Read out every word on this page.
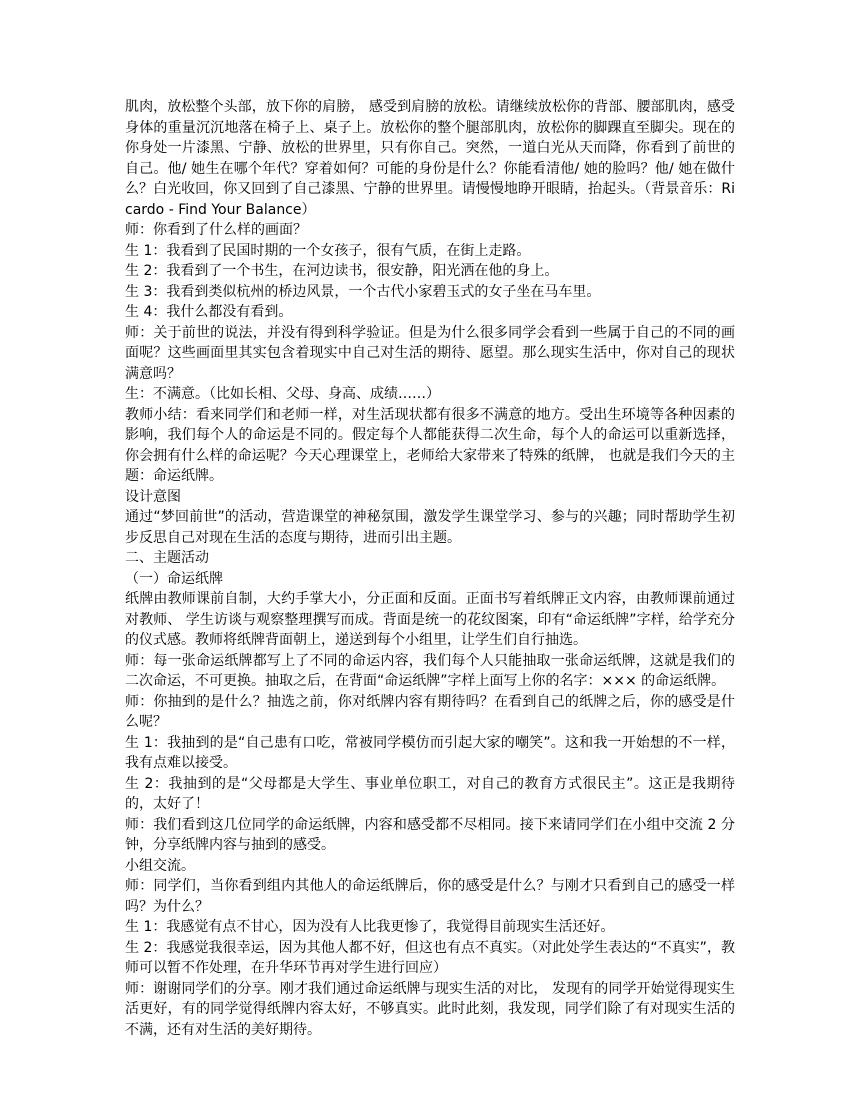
肌肉，放松整个头部，放下你的肩膀， 感受到肩膀的放松。请继续放松你的背部、腰部肌肉，感受身体的重量沉沉地落在椅子上、桌子上。放松你的整个腿部肌肉，放松你的脚踝直至脚尖。现在的你身处一片漆黑、宁静、放松的世界里，只有你自己。突然，一道白光从天而降，你看到了前世的自己。他/ 她生在哪个年代？穿着如何？可能的身份是什么？你能看清他/ 她的脸吗？他/ 她在做什么？白光收回，你又回到了自己漆黑、宁静的世界里。请慢慢地睁开眼睛，抬起头。（背景音乐：Ricardo - Find Your Balance）

师：你看到了什么样的画面？

生 1：我看到了民国时期的一个女孩子，很有气质，在街上走路。

生 2：我看到了一个书生，在河边读书，很安静，阳光洒在他的身上。

生 3：我看到类似杭州的桥边风景，一个古代小家碧玉式的女子坐在马车里。

生 4：我什么都没有看到。

师：关于前世的说法，并没有得到科学验证。但是为什么很多同学会看到一些属于自己的不同的画面呢？这些画面里其实包含着现实中自己对生活的期待、愿望。那么现实生活中，你对自己的现状满意吗？

生：不满意。（比如长相、父母、身高、成绩……）

教师小结：看来同学们和老师一样，对生活现状都有很多不满意的地方。受出生环境等各种因素的影响，我们每个人的命运是不同的。假定每个人都能获得二次生命，每个人的命运可以重新选择，你会拥有什么样的命运呢？今天心理课堂上，老师给大家带来了特殊的纸牌， 也就是我们今天的主题：命运纸牌。

设计意图

通过“梦回前世”的活动，营造课堂的神秘氛围，激发学生课堂学习、参与的兴趣；同时帮助学生初步反思自己对现在生活的态度与期待，进而引出主题。

二、主题活动

（一）命运纸牌

纸牌由教师课前自制，大约手掌大小，分正面和反面。正面书写着纸牌正文内容，由教师课前通过对教师、 学生访谈与观察整理撰写而成。背面是统一的花纹图案，印有“命运纸牌”字样，给学充分的仪式感。教师将纸牌背面朝上，递送到每个小组里，让学生们自行抽选。

师：每一张命运纸牌都写上了不同的命运内容，我们每个人只能抽取一张命运纸牌，这就是我们的二次命运，不可更换。抽取之后，在背面“命运纸牌”字样上面写上你的名字：××× 的命运纸牌。

师：你抽到的是什么？抽选之前，你对纸牌内容有期待吗？在看到自己的纸牌之后，你的感受是什么呢？

生 1：我抽到的是“自己患有口吃，常被同学模仿而引起大家的嘲笑”。这和我一开始想的不一样，我有点难以接受。

生 2：我抽到的是“父母都是大学生、事业单位职工，对自己的教育方式很民主”。这正是我期待的，太好了！

师：我们看到这几位同学的命运纸牌，内容和感受都不尽相同。接下来请同学们在小组中交流 2 分钟，分享纸牌内容与抽到的感受。

小组交流。

师：同学们，当你看到组内其他人的命运纸牌后，你的感受是什么？与刚才只看到自己的感受一样吗？为什么？

生 1：我感觉有点不甘心，因为没有人比我更惨了，我觉得目前现实生活还好。

生 2：我感觉我很幸运，因为其他人都不好，但这也有点不真实。（对此处学生表达的“不真实”，教师可以暂不作处理，在升华环节再对学生进行回应）

师：谢谢同学们的分享。刚才我们通过命运纸牌与现实生活的对比， 发现有的同学开始觉得现实生活更好，有的同学觉得纸牌内容太好，不够真实。此时此刻，我发现，同学们除了有对现实生活的不满，还有对生活的美好期待。
